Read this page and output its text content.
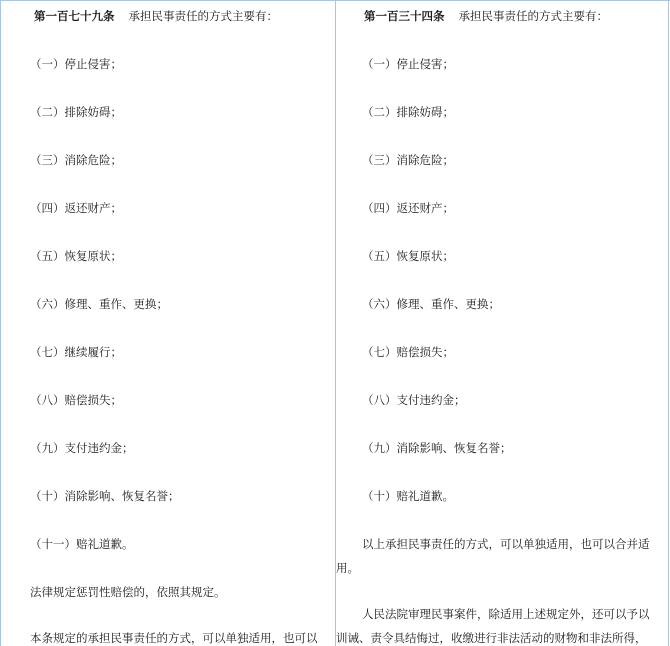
第一百七十九条 承担民事责任的方式主要有：
（一）停止侵害；
（二）排除妨碍；
（三）消除危险；
（四）返还财产；
（五）恢复原状；
（六）修理、重作、更换；
（七）继续履行；
（八）赔偿损失；
（九）支付违约金；
（十）消除影响、恢复名誉；
（十一）赔礼道歉。
法律规定惩罚性赔偿的，依照其规定。
本条规定的承担民事责任的方式，可以单独适用，也可以
第一百三十四条 承担民事责任的方式主要有：
（一）停止侵害；
（二）排除妨碍；
（三）消除危险；
（四）返还财产；
（五）恢复原状；
（六）修理、重作、更换；
（七）赔偿损失；
（八）支付违约金；
（九）消除影响、恢复名誉；
（十）赔礼道歉。
以上承担民事责任的方式，可以单独适用，也可以合并适
用。
人民法院审理民事案件，除适用上述规定外，还可以予以
训诫、责令具结悔过，收缴进行非法活动的财物和非法所得，
